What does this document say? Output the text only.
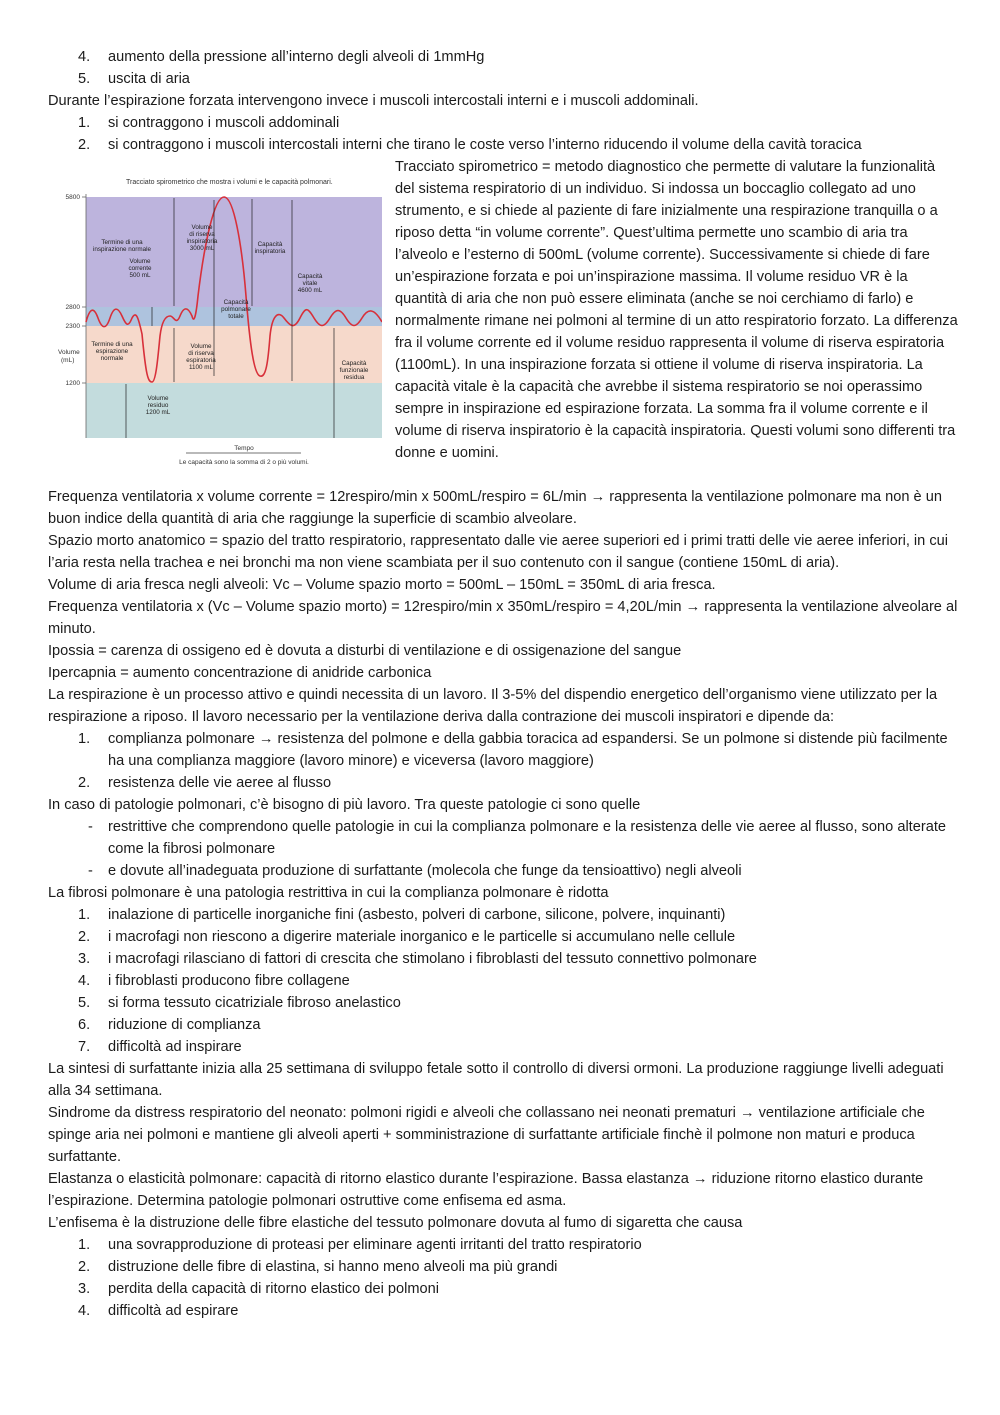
4. aumento della pressione all’interno degli alveoli di 1mmHg
5. uscita di aria

Durante l’espirazione forzata intervengono invece i muscoli intercostali interni e i muscoli addominali.

1. si contraggono i muscoli addominali
2. si contraggono i muscoli intercostali interni che tirano le coste verso l’interno riducendo il volume della cavità toracica
Tracciato spirometrico che mostra i volumi e le capacità polmonari.
5800
2800
2300
1200
Volume
(mL)
Termine di una inspirazione normale
Volume corrente 500 mL
Termine di una espirazione normale
Volume di riserva inspiratoria 3000 mL
Volume di riserva espiratoria 1100 mL
Volume residuo 1200 mL
Capacità polmonare totale
Capacità inspiratoria
Capacità vitale 4600 mL
Capacità funzionale residua
Tempo
Le capacità sono la somma di 2 o più volumi.

Tracciato spirometrico = metodo diagnostico che permette di valutare la funzionalità del sistema respiratorio di un individuo. Si indossa un boccaglio collegato ad uno strumento, e si chiede al paziente di fare inizialmente una respirazione tranquilla o a riposo detta “in volume corrente”. Quest’ultima permette uno scambio di aria tra l’alveolo e l’esterno di 500mL (volume corrente). Successivamente si chiede di fare un’espirazione forzata e poi un’inspirazione massima. Il volume residuo VR è la quantità di aria che non può essere eliminata (anche se noi cerchiamo di farlo) e normalmente rimane nei polmoni al termine di un atto respiratorio forzato. La differenza fra il volume corrente ed il volume residuo rappresenta il volume di riserva espiratoria (1100mL). In una inspirazione forzata si ottiene il volume di riserva inspiratoria. La capacità vitale è la capacità che avrebbe il sistema respiratorio se noi operassimo sempre in inspirazione ed espirazione forzata. La somma fra il volume corrente e il volume di riserva inspiratorio è la capacità inspiratoria. Questi volumi sono differenti tra donne e uomini.

Frequenza ventilatoria x volume corrente = 12respiro/min x 500mL/respiro = 6L/min → rappresenta la ventilazione polmonare ma non è un buon indice della quantità di aria che raggiunge la superficie di scambio alveolare.

Spazio morto anatomico = spazio del tratto respiratorio, rappresentato dalle vie aeree superiori ed i primi tratti delle vie aeree inferiori, in cui l’aria resta nella trachea e nei bronchi ma non viene scambiata per il suo contenuto con il sangue (contiene 150mL di aria).

Volume di aria fresca negli alveoli: Vc – Volume spazio morto = 500mL – 150mL = 350mL di aria fresca.

Frequenza ventilatoria x (Vc – Volume spazio morto) = 12respiro/min x 350mL/respiro = 4,20L/min → rappresenta la ventilazione alveolare al minuto.

Ipossia = carenza di ossigeno ed è dovuta a disturbi di ventilazione e di ossigenazione del sangue

Ipercapnia = aumento concentrazione di anidride carbonica

La respirazione è un processo attivo e quindi necessita di un lavoro. Il 3-5% del dispendio energetico dell’organismo viene utilizzato per la respirazione a riposo. Il lavoro necessario per la ventilazione deriva dalla contrazione dei muscoli inspiratori e dipende da:

1. complianza polmonare → resistenza del polmone e della gabbia toracica ad espandersi. Se un polmone si distende più facilmente ha una complianza maggiore (lavoro minore) e viceversa (lavoro maggiore)
2. resistenza delle vie aeree al flusso

In caso di patologie polmonari, c’è bisogno di più lavoro. Tra queste patologie ci sono quelle

- restrittive che comprendono quelle patologie in cui la complianza polmonare e la resistenza delle vie aeree al flusso, sono alterate come la fibrosi polmonare
- e dovute all’inadeguata produzione di surfattante (molecola che funge da tensioattivo) negli alveoli

La fibrosi polmonare è una patologia restrittiva in cui la complianza polmonare è ridotta

1. inalazione di particelle inorganiche fini (asbesto, polveri di carbone, silicone, polvere, inquinanti)
2. i macrofagi non riescono a digerire materiale inorganico e le particelle si accumulano nelle cellule
3. i macrofagi rilasciano di fattori di crescita che stimolano i fibroblasti del tessuto connettivo polmonare
4. i fibroblasti producono fibre collagene
5. si forma tessuto cicatriziale fibroso anelastico
6. riduzione di complianza
7. difficoltà ad inspirare

La sintesi di surfattante inizia alla 25 settimana di sviluppo fetale sotto il controllo di diversi ormoni. La produzione raggiunge livelli adeguati alla 34 settimana.

Sindrome da distress respiratorio del neonato: polmoni rigidi e alveoli che collassano nei neonati prematuri → ventilazione artificiale che spinge aria nei polmoni e mantiene gli alveoli aperti + somministrazione di surfattante artificiale finchè il polmone non maturi e produca surfattante.

Elastanza o elasticità polmonare: capacità di ritorno elastico durante l’espirazione. Bassa elastanza → riduzione ritorno elastico durante l’espirazione. Determina patologie polmonari ostruttive come enfisema ed asma.

L’enfisema è la distruzione delle fibre elastiche del tessuto polmonare dovuta al fumo di sigaretta che causa

1. una sovrapproduzione di proteasi per eliminare agenti irritanti del tratto respiratorio
2. distruzione delle fibre di elastina, si hanno meno alveoli ma più grandi
3. perdita della capacità di ritorno elastico dei polmoni
4. difficoltà ad espirare
